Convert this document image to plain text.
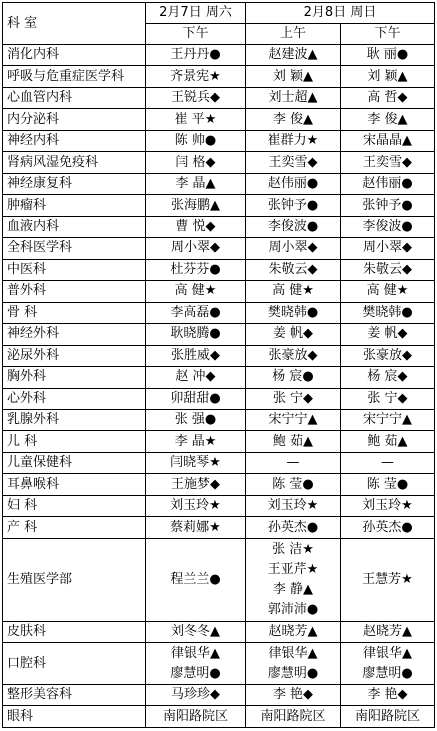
科 室	2月7日 周六	2月8日 周日	
	下午	上午	下午
消化内科	王丹丹●	赵建波▲	耿 丽●

呼吸与危重症医学科	齐景宪★	刘 颖▲	刘 颖▲

心血管内科	王锐兵◆	刘士超▲	高 哲◆

内分泌科	崔 平★	李 俊▲	李 俊▲

神经内科	陈 帅●	崔群力★	宋晶晶▲

肾病风湿免疫科	闫 格◆	王奕雪◆	王奕雪◆

神经康复科	李 晶▲	赵伟丽●	赵伟丽●

肿瘤科	张海鹏▲	张钟予●	张钟予●

血液内科	曹 悦◆	李俊波●	李俊波●

全科医学科	周小翠◆	周小翠◆	周小翠◆

中医科	杜芬芬●	朱敬云◆	朱敬云◆

普外科	高 健★	高 健★	高 健★

骨 科	李高磊●	樊晓韩●	樊晓韩●

神经外科	耿晓腾●	姜 帆◆	姜 帆◆

泌尿外科	张胜威◆	张豪放◆	张豪放◆

胸外科	赵 冲◆	杨 宸●	杨 宸◆

心外科	卯甜甜●	张 宁◆	张 宁◆

乳腺外科	张 强●	宋宁宁▲	宋宁宁▲

儿 科	李 晶★	鲍 茹▲	鲍 茹▲

儿童保健科	闫晓琴★	—	—

耳鼻喉科	王施梦◆	陈 莹●	陈 莹●

妇 科	刘玉玲★	刘玉玲★	刘玉玲★

产 科	蔡莉娜★	孙英杰●	孙英杰●

生殖医学部	程兰兰●	张 洁★
王亚芹★
李 静▲
郭沛沛●	王慧芳★

皮肤科	刘冬冬▲	赵晓芳▲	赵晓芳▲

口腔科	律银华▲
廖慧明●	律银华▲
廖慧明●	律银华▲
廖慧明●

整形美容科	马珍珍◆	李 艳◆	李 艳◆

眼科	南阳路院区	南阳路院区	南阳路院区
